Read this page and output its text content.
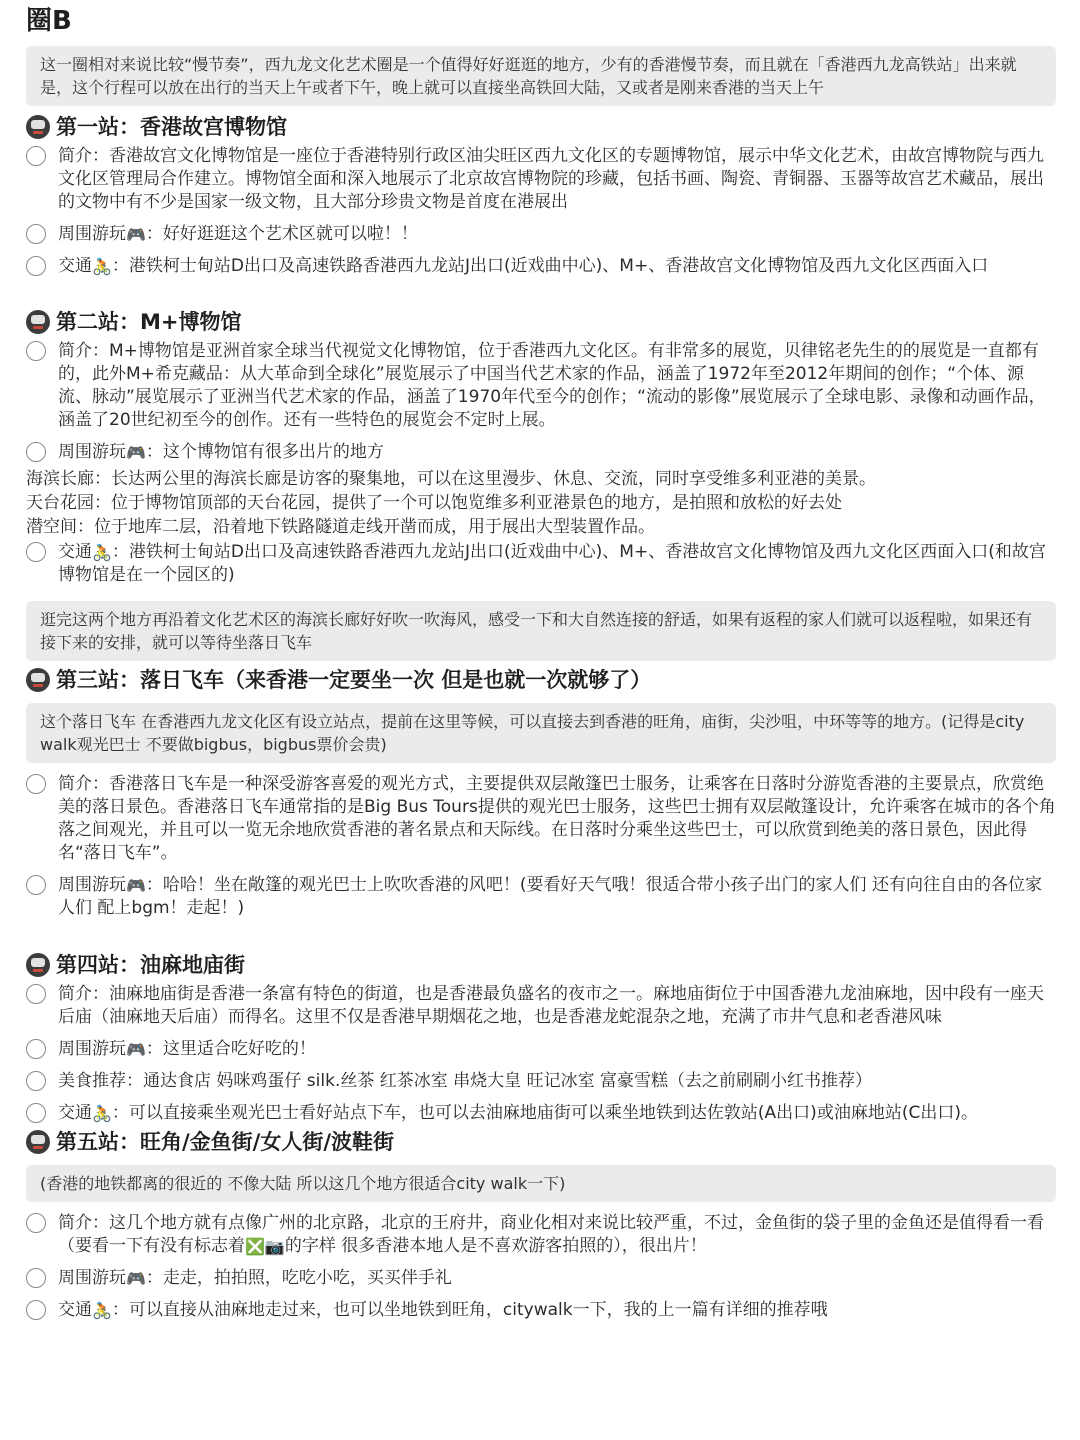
圈B
这一圈相对来说比较“慢节奏”，西九龙文化艺术圈是一个值得好好逛逛的地方，少有的香港慢节奏，而且就在「香港西九龙高铁站」出来就是，这个行程可以放在出行的当天上午或者下午，晚上就可以直接坐高铁回大陆，又或者是刚来香港的当天上午
第一站：香港故宫博物馆
简介：香港故宫文化博物馆是一座位于香港特别行政区油尖旺区西九文化区的专题博物馆，展示中华文化艺术，由故宫博物院与西九文化区管理局合作建立。博物馆全面和深入地展示了北京故宫博物院的珍藏，包括书画、陶瓷、青铜器、玉器等故宫艺术藏品，展出的文物中有不少是国家一级文物，且大部分珍贵文物是首度在港展出
周围游玩🎮：好好逛逛这个艺术区就可以啦！！
交通🚴：港铁柯士甸站D出口及高速铁路香港西九龙站J出口(近戏曲中心)、M+、香港故宫文化博物馆及西九文化区西面入口
第二站：M+博物馆
简介：M+博物馆是亚洲首家全球当代视觉文化博物馆，位于香港西九文化区。有非常多的展览，贝律铭老先生的的展览是一直都有的，此外M+希克藏品：从大革命到全球化”展览展示了中国当代艺术家的作品，涵盖了1972年至2012年期间的创作；“个体、源流、脉动”展览展示了亚洲当代艺术家的作品，涵盖了1970年代至今的创作；“流动的影像”展览展示了全球电影、录像和动画作品，涵盖了20世纪初至今的创作。还有一些特色的展览会不定时上展。
周围游玩🎮：这个博物馆有很多出片的地方
海滨长廊：长达两公里的海滨长廊是访客的聚集地，可以在这里漫步、休息、交流，同时享受维多利亚港的美景。
天台花园：位于博物馆顶部的天台花园，提供了一个可以饱览维多利亚港景色的地方，是拍照和放松的好去处
潜空间：位于地库二层，沿着地下铁路隧道走线开凿而成，用于展出大型装置作品。
交通🚴：港铁柯士甸站D出口及高速铁路香港西九龙站J出口(近戏曲中心)、M+、香港故宫文化博物馆及西九文化区西面入口(和故宫博物馆是在一个园区的)
逛完这两个地方再沿着文化艺术区的海滨长廊好好吹一吹海风，感受一下和大自然连接的舒适，如果有返程的家人们就可以返程啦，如果还有接下来的安排，就可以等待坐落日飞车
第三站：落日飞车（来香港一定要坐一次 但是也就一次就够了）
这个落日飞车 在香港西九龙文化区有设立站点，提前在这里等候，可以直接去到香港的旺角，庙街，尖沙咀，中环等等的地方。(记得是city walk观光巴士 不要做bigbus，bigbus票价会贵)
简介：香港落日飞车是一种深受游客喜爱的观光方式，主要提供双层敞篷巴士服务，让乘客在日落时分游览香港的主要景点，欣赏绝美的落日景色。香港落日飞车通常指的是Big Bus Tours提供的观光巴士服务，这些巴士拥有双层敞篷设计，允许乘客在城市的各个角落之间观光，并且可以一览无余地欣赏香港的著名景点和天际线。在日落时分乘坐这些巴士，可以欣赏到绝美的落日景色，因此得名“落日飞车”。
周围游玩🎮：哈哈！坐在敞篷的观光巴士上吹吹香港的风吧！(要看好天气哦！很适合带小孩子出门的家人们 还有向往自由的各位家人们 配上bgm！走起！)
第四站：油麻地庙街
简介：油麻地庙街是香港一条富有特色的街道，也是香港最负盛名的夜市之一。麻地庙街位于中国香港九龙油麻地，因中段有一座天后庙（油麻地天后庙）而得名。这里不仅是香港早期烟花之地，也是香港龙蛇混杂之地，充满了市井气息和老香港风味
周围游玩🎮：这里适合吃好吃的！
美食推荐：通达食店 妈咪鸡蛋仔 silk.丝茶 红茶冰室 串烧大皇 旺记冰室 富豪雪糕（去之前刷刷小红书推荐）
交通🚴：可以直接乘坐观光巴士看好站点下车，也可以去油麻地庙街可以乘坐地铁到达佐敦站(A出口)或油麻地站(C出口)。
第五站：旺角/金鱼街/女人街/波鞋街
(香港的地铁都离的很近的 不像大陆 所以这几个地方很适合city walk一下)
简介：这几个地方就有点像广州的北京路，北京的王府井，商业化相对来说比较严重，不过，金鱼街的袋子里的金鱼还是值得看一看（要看一下有没有标志着❎📷的字样 很多香港本地人是不喜欢游客拍照的），很出片！
周围游玩🎮：走走，拍拍照，吃吃小吃，买买伴手礼
交通🚴：可以直接从油麻地走过来，也可以坐地铁到旺角，citywalk一下，我的上一篇有详细的推荐哦
